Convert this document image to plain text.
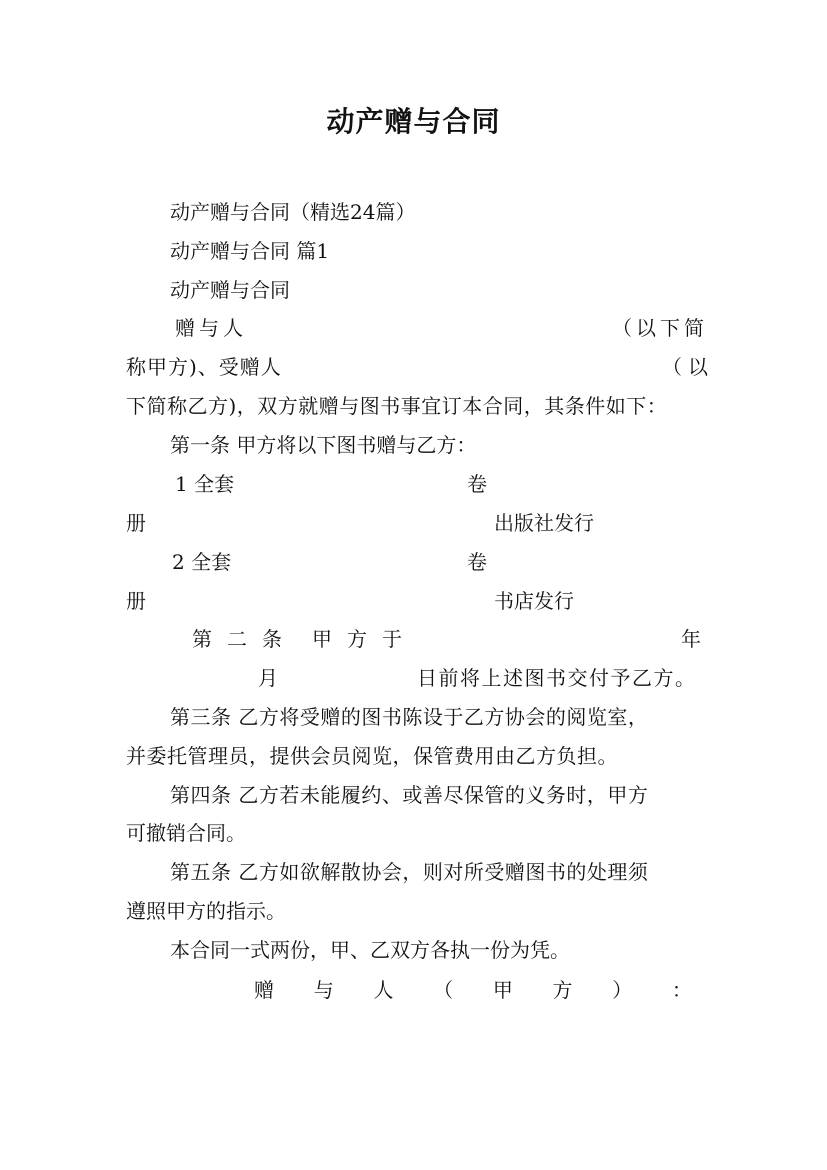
动产赠与合同
动产赠与合同（精选24篇）
动产赠与合同 篇1
动产赠与合同
赠与人	（以下简
称甲方)、受赠人	（以
下简称乙方)，双方就赠与图书事宜订本合同，其条件如下：
第一条 甲方将以下图书赠与乙方：
1 全套	卷
册	出版社发行
2 全套	卷
册	书店发行
第 二 条 甲 方 于	年
月	日前将上述图书交付予乙方。
第三条 乙方将受赠的图书陈设于乙方协会的阅览室，
并委托管理员，提供会员阅览，保管费用由乙方负担。
第四条 乙方若未能履约、或善尽保管的义务时，甲方
可撤销合同。
第五条 乙方如欲解散协会，则对所受赠图书的处理须
遵照甲方的指示。
本合同一式两份，甲、乙双方各执一份为凭。
赠 与 人 （ 甲 方 ） ：
